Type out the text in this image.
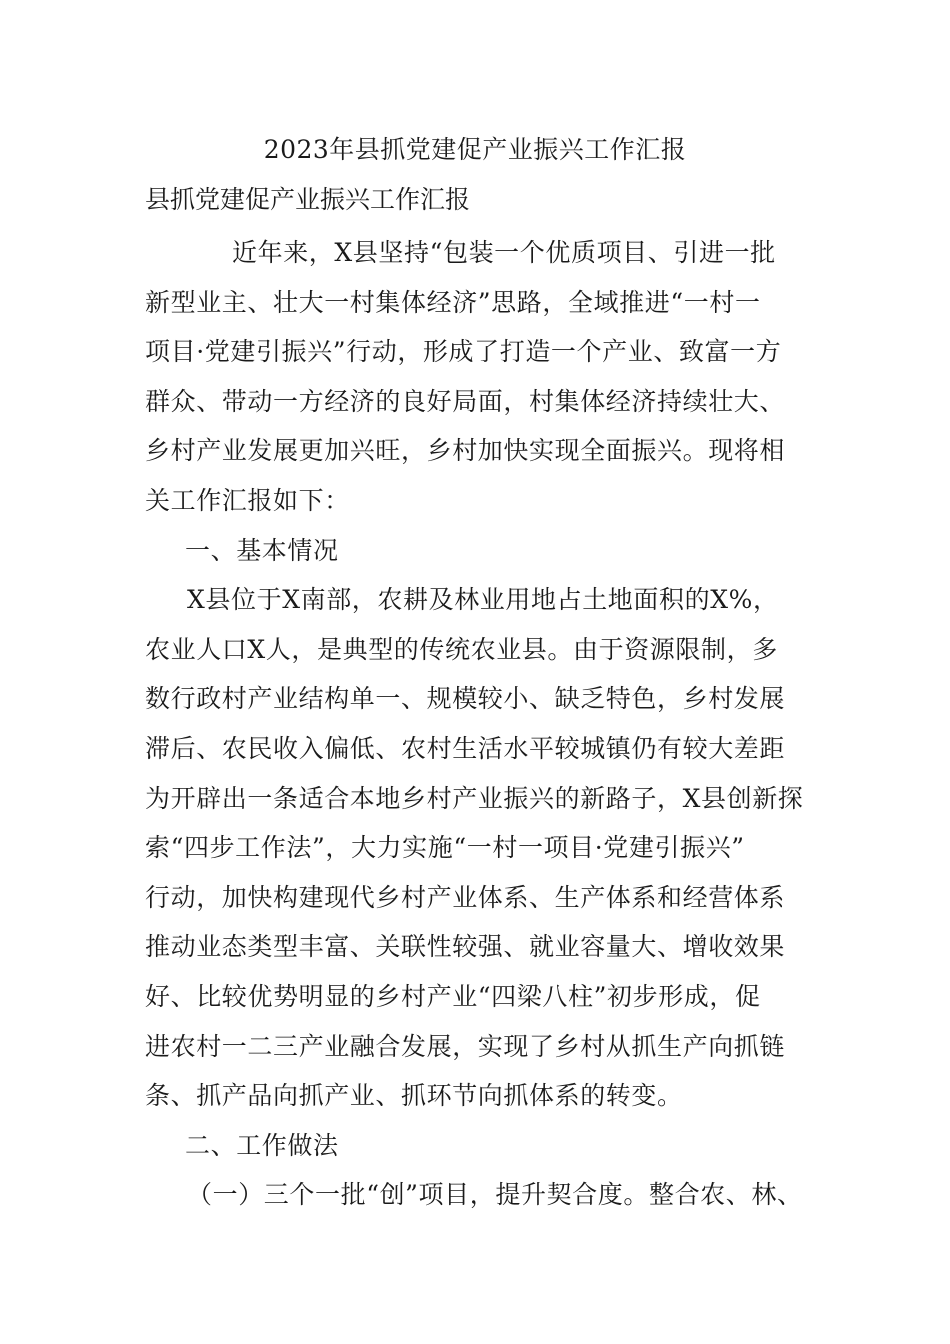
2023年县抓党建促产业振兴工作汇报
县抓党建促产业振兴工作汇报
近年来，X县坚持“包装一个优质项目、引进一批
新型业主、壮大一村集体经济”思路，全域推进“一村一
项目·党建引振兴”行动，形成了打造一个产业、致富一方
群众、带动一方经济的良好局面，村集体经济持续壮大、
乡村产业发展更加兴旺，乡村加快实现全面振兴。现将相
关工作汇报如下：
一、基本情况
X县位于X南部，农耕及林业用地占土地面积的X%，
农业人口X人，是典型的传统农业县。由于资源限制，多
数行政村产业结构单一、规模较小、缺乏特色，乡村发展
滞后、农民收入偏低、农村生活水平较城镇仍有较大差距
为开辟出一条适合本地乡村产业振兴的新路子，X县创新探
索“四步工作法”，大力实施“一村一项目·党建引振兴”
行动，加快构建现代乡村产业体系、生产体系和经营体系
推动业态类型丰富、关联性较强、就业容量大、增收效果
好、比较优势明显的乡村产业“四梁八柱”初步形成，促
进农村一二三产业融合发展，实现了乡村从抓生产向抓链
条、抓产品向抓产业、抓环节向抓体系的转变。
二、工作做法
（一）三个一批“创”项目，提升契合度。整合农、林、
